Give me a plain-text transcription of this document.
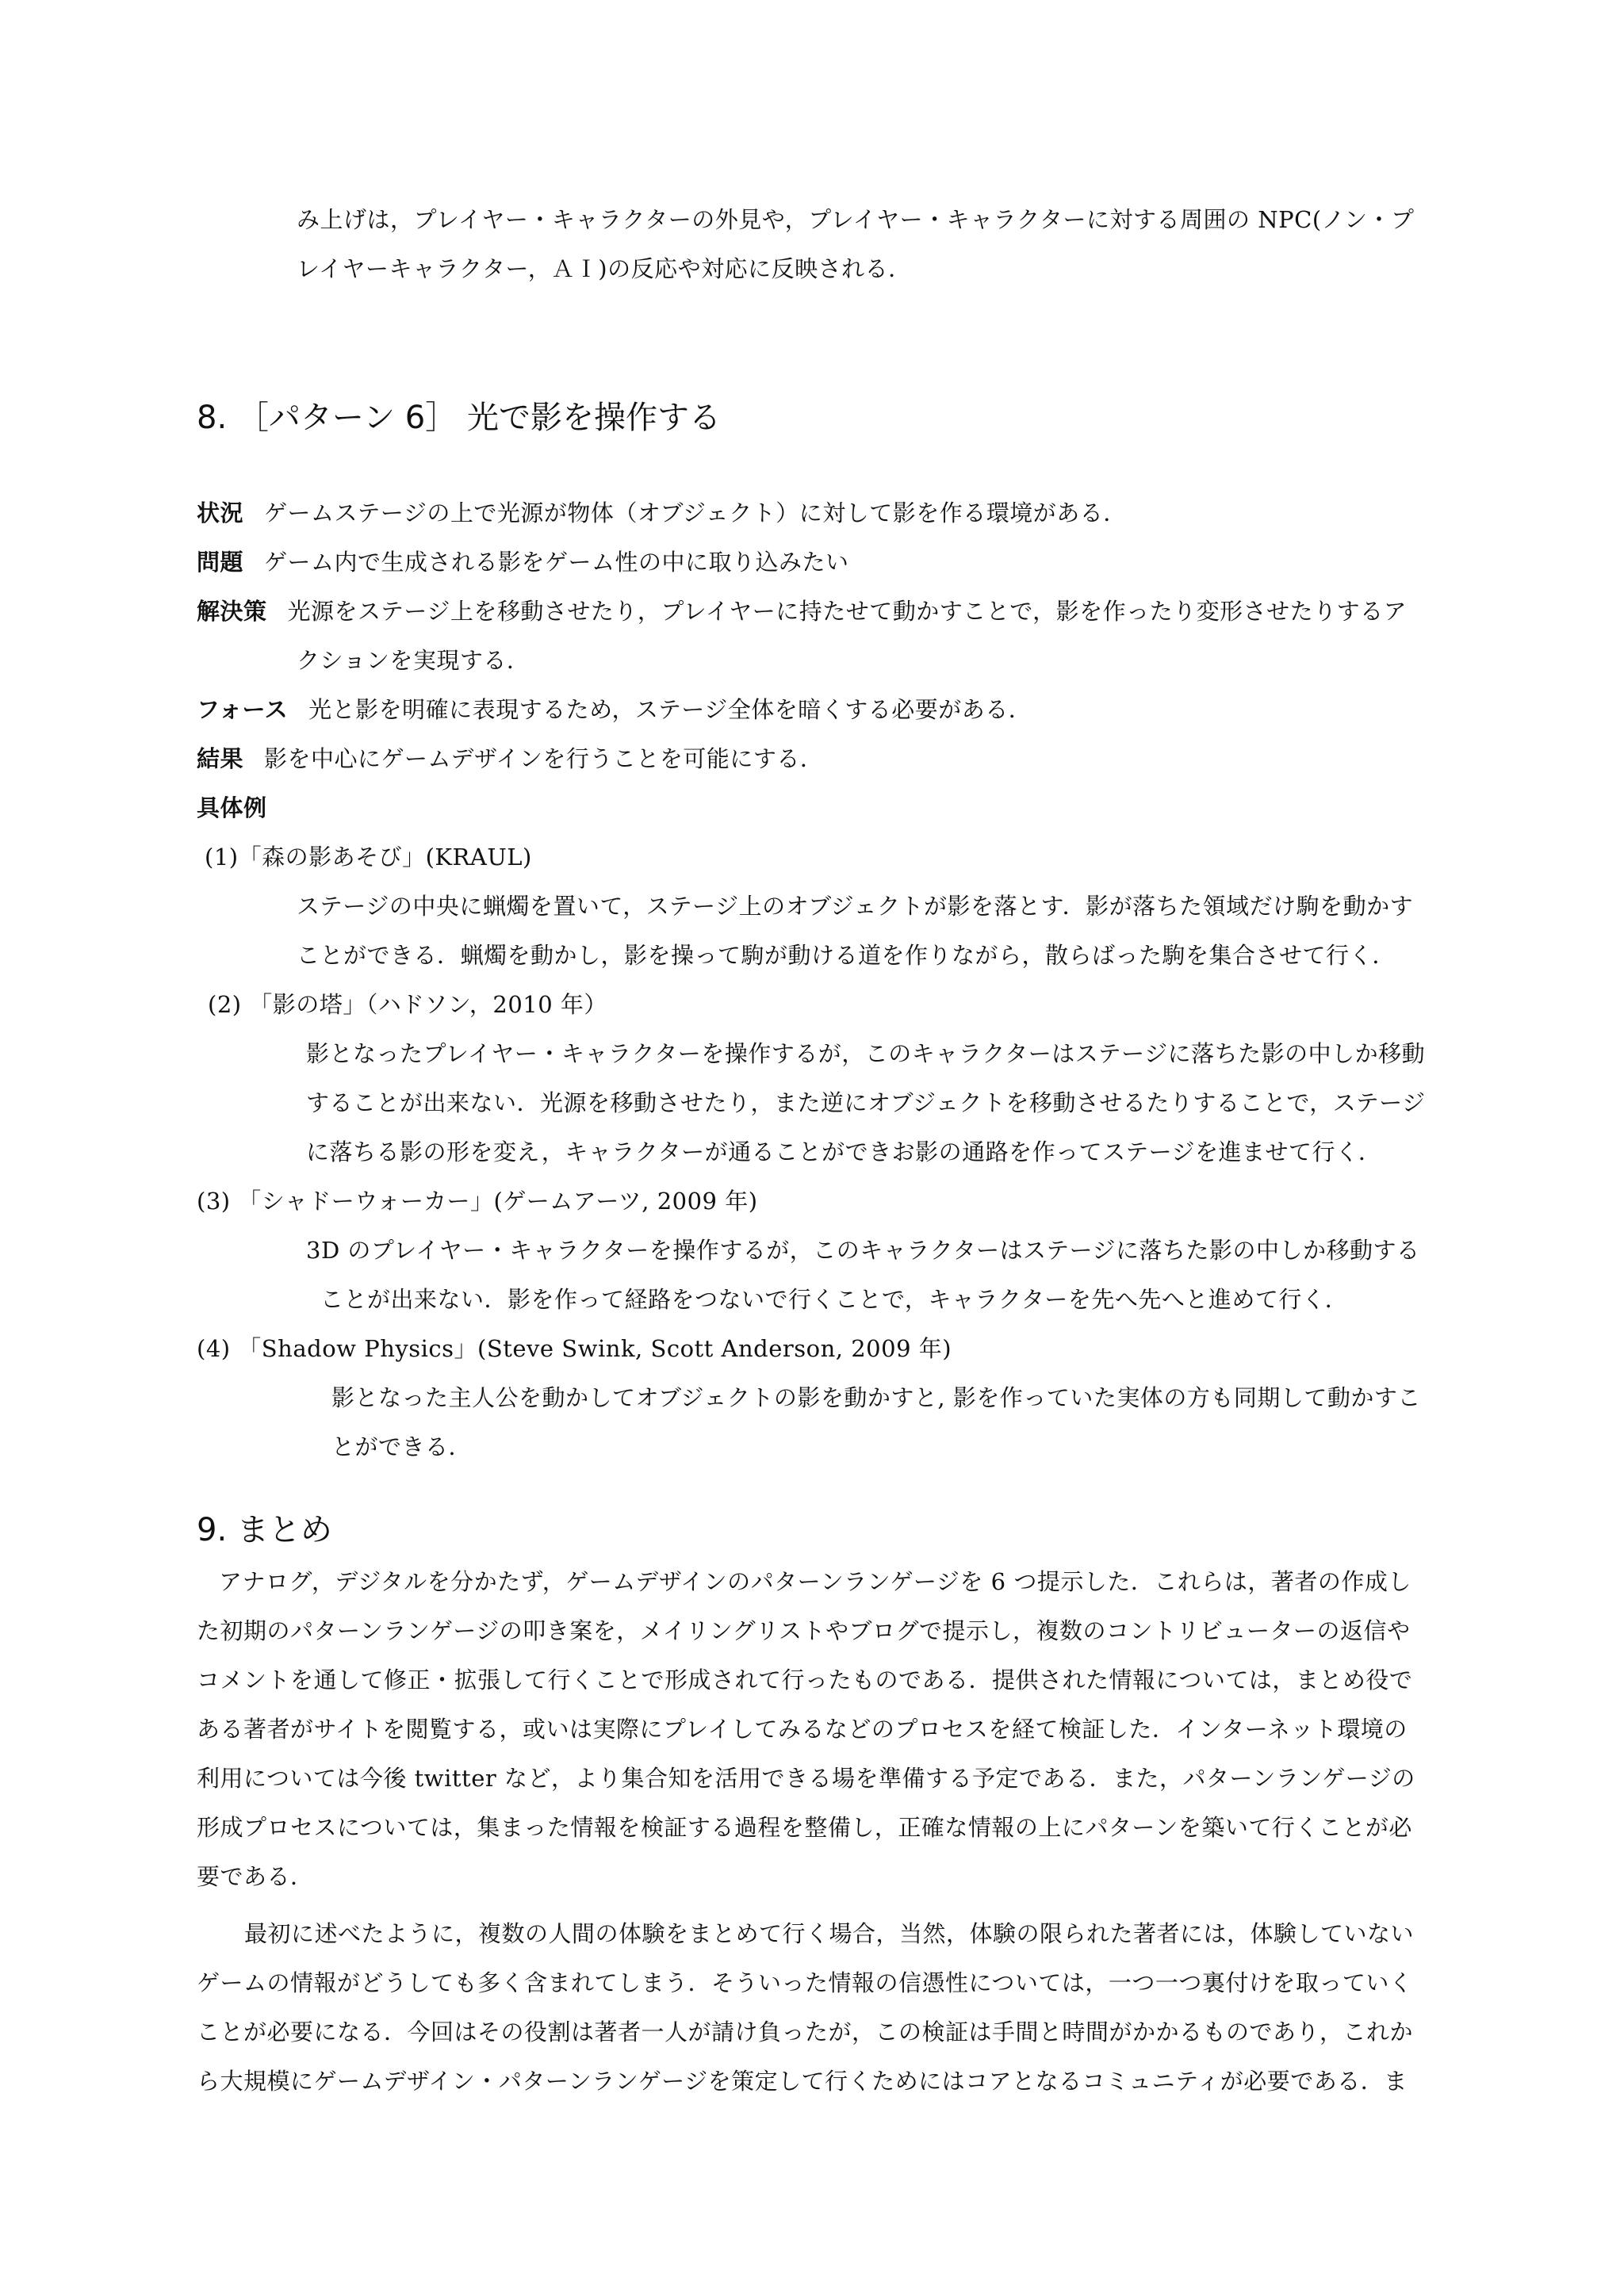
み上げは，プレイヤー・キャラクターの外見や，プレイヤー・キャラクターに対する周囲の NPC(ノン・プ
レイヤーキャラクター，ＡＩ)の反応や対応に反映される．
8. ［パターン 6］ 光で影を操作する
状況 ゲームステージの上で光源が物体（オブジェクト）に対して影を作る環境がある．
問題 ゲーム内で生成される影をゲーム性の中に取り込みたい
解決策 光源をステージ上を移動させたり，プレイヤーに持たせて動かすことで，影を作ったり変形させたりするア
クションを実現する．
フォース 光と影を明確に表現するため，ステージ全体を暗くする必要がある．
結果 影を中心にゲームデザインを行うことを可能にする．
具体例
(1)「森の影あそび」(KRAUL)
ステージの中央に蝋燭を置いて，ステージ上のオブジェクトが影を落とす．影が落ちた領域だけ駒を動かす
ことができる．蝋燭を動かし，影を操って駒が動ける道を作りながら，散らばった駒を集合させて行く．
(2) 「影の塔」（ハドソン，2010 年）
影となったプレイヤー・キャラクターを操作するが，このキャラクターはステージに落ちた影の中しか移動
することが出来ない．光源を移動させたり，また逆にオブジェクトを移動させるたりすることで，ステージ
に落ちる影の形を変え，キャラクターが通ることができお影の通路を作ってステージを進ませて行く．
(3) 「シャドーウォーカー」(ゲームアーツ, 2009 年)
3D のプレイヤー・キャラクターを操作するが，このキャラクターはステージに落ちた影の中しか移動する
ことが出来ない．影を作って経路をつないで行くことで，キャラクターを先へ先へと進めて行く．
(4) 「Shadow Physics」(Steve Swink, Scott Anderson, 2009 年)
影となった主人公を動かしてオブジェクトの影を動かすと, 影を作っていた実体の方も同期して動かすこ
とができる．
9. まとめ
アナログ，デジタルを分かたず，ゲームデザインのパターンランゲージを 6 つ提示した．これらは，著者の作成し
た初期のパターンランゲージの叩き案を，メイリングリストやブログで提示し，複数のコントリビューターの返信や
コメントを通して修正・拡張して行くことで形成されて行ったものである．提供された情報については，まとめ役で
ある著者がサイトを閲覧する，或いは実際にプレイしてみるなどのプロセスを経て検証した．インターネット環境の
利用については今後 twitter など，より集合知を活用できる場を準備する予定である．また，パターンランゲージの
形成プロセスについては，集まった情報を検証する過程を整備し，正確な情報の上にパターンを築いて行くことが必
要である．
最初に述べたように，複数の人間の体験をまとめて行く場合，当然，体験の限られた著者には，体験していない
ゲームの情報がどうしても多く含まれてしまう．そういった情報の信憑性については，一つ一つ裏付けを取っていく
ことが必要になる．今回はその役割は著者一人が請け負ったが，この検証は手間と時間がかかるものであり，これか
ら大規模にゲームデザイン・パターンランゲージを策定して行くためにはコアとなるコミュニティが必要である．ま
